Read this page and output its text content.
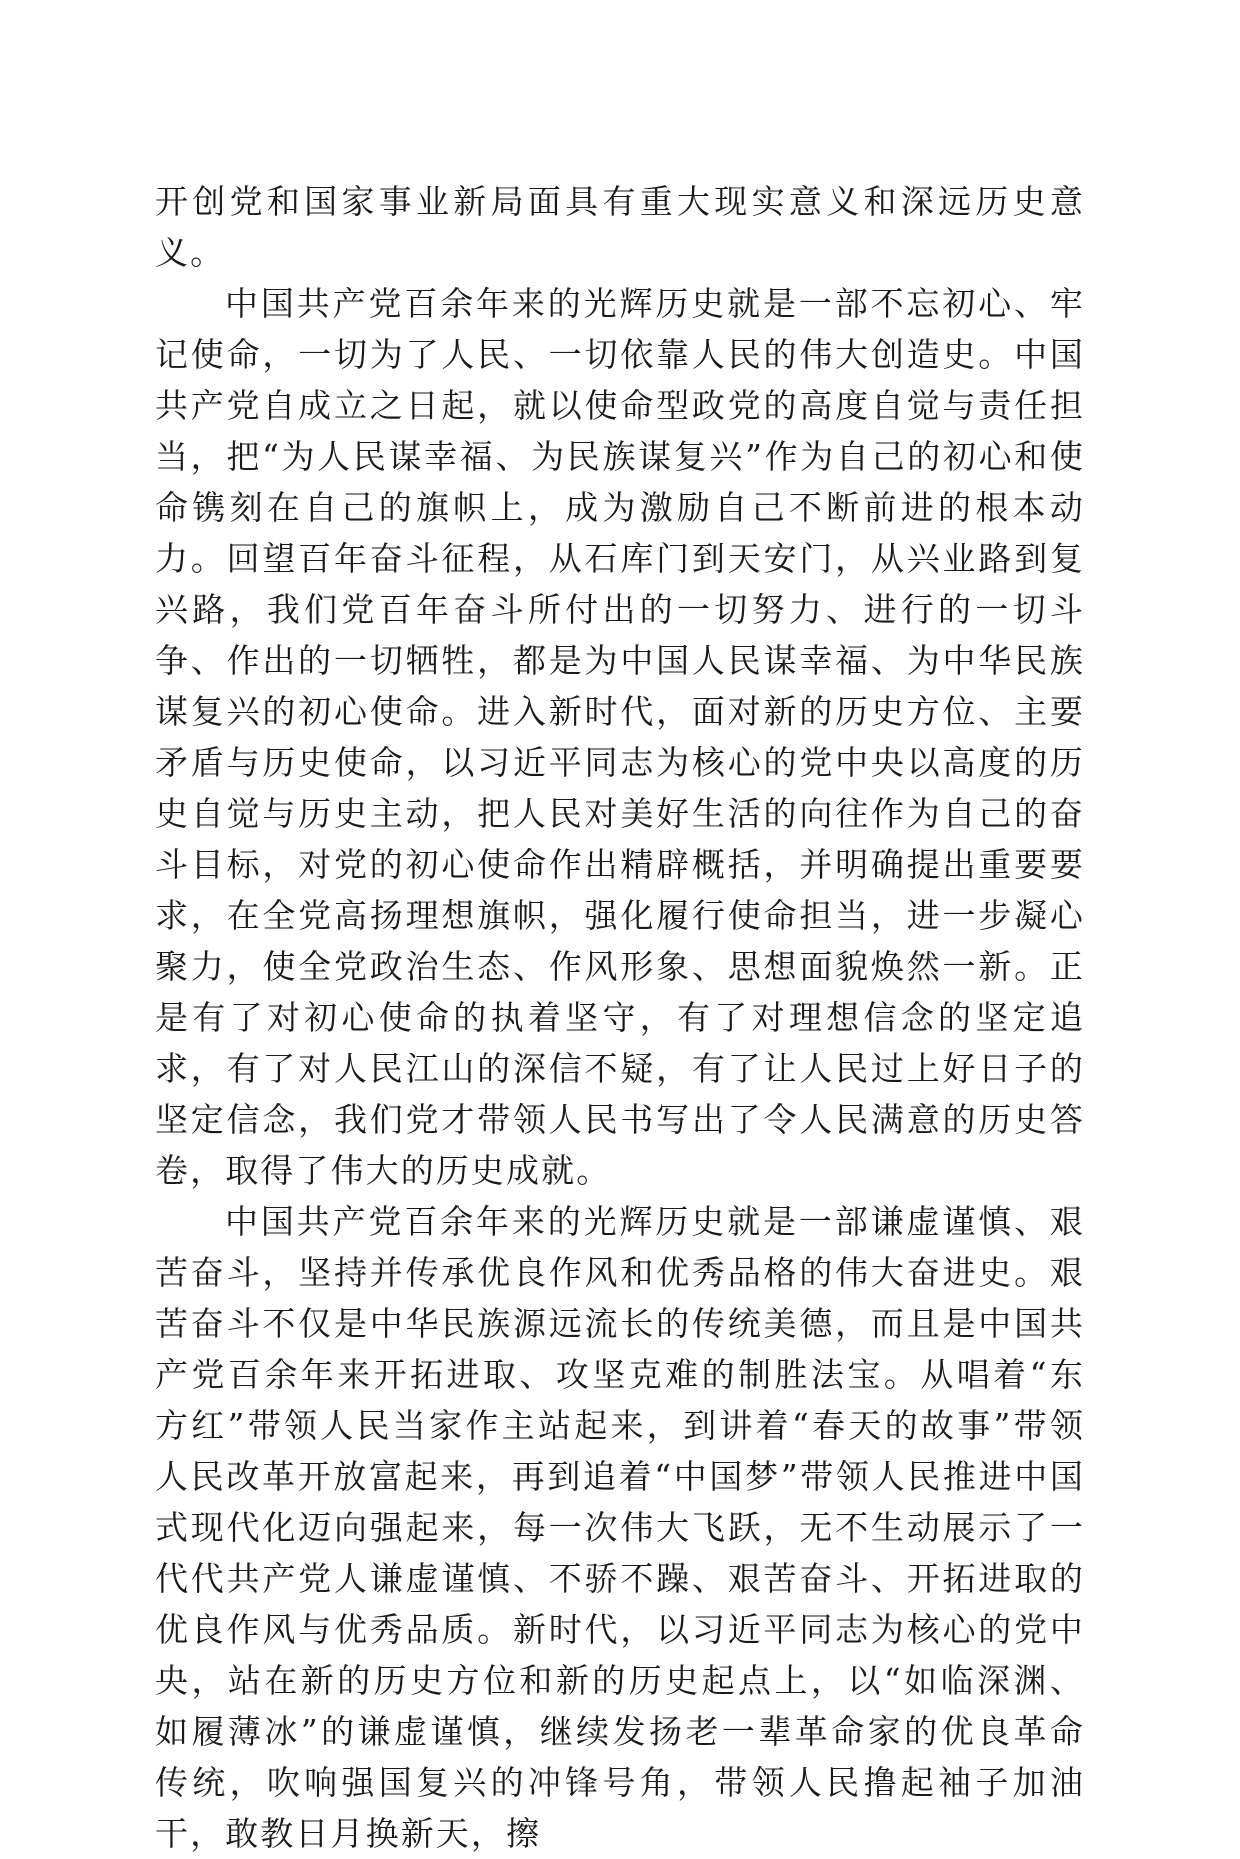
开创党和国家事业新局面具有重大现实意义和深远历史意义。

中国共产党百余年来的光辉历史就是一部不忘初心、牢记使命，一切为了人民、一切依靠人民的伟大创造史。中国共产党自成立之日起，就以使命型政党的高度自觉与责任担当，把“为人民谋幸福、为民族谋复兴”作为自己的初心和使命镌刻在自己的旗帜上，成为激励自己不断前进的根本动力。回望百年奋斗征程，从石库门到天安门，从兴业路到复兴路，我们党百年奋斗所付出的一切努力、进行的一切斗争、作出的一切牺牲，都是为中国人民谋幸福、为中华民族谋复兴的初心使命。进入新时代，面对新的历史方位、主要矛盾与历史使命，以习近平同志为核心的党中央以高度的历史自觉与历史主动，把人民对美好生活的向往作为自己的奋斗目标，对党的初心使命作出精辟概括，并明确提出重要要求，在全党高扬理想旗帜，强化履行使命担当，进一步凝心聚力，使全党政治生态、作风形象、思想面貌焕然一新。正是有了对初心使命的执着坚守，有了对理想信念的坚定追求，有了对人民江山的深信不疑，有了让人民过上好日子的坚定信念，我们党才带领人民书写出了令人民满意的历史答卷，取得了伟大的历史成就。

中国共产党百余年来的光辉历史就是一部谦虚谨慎、艰苦奋斗，坚持并传承优良作风和优秀品格的伟大奋进史。艰苦奋斗不仅是中华民族源远流长的传统美德，而且是中国共产党百余年来开拓进取、攻坚克难的制胜法宝。从唱着“东方红”带领人民当家作主站起来，到讲着“春天的故事”带领人民改革开放富起来，再到追着“中国梦”带领人民推进中国式现代化迈向强起来，每一次伟大飞跃，无不生动展示了一代代共产党人谦虚谨慎、不骄不躁、艰苦奋斗、开拓进取的优良作风与优秀品质。新时代，以习近平同志为核心的党中央，站在新的历史方位和新的历史起点上，以“如临深渊、如履薄冰”的谦虚谨慎，继续发扬老一辈革命家的优良革命传统，吹响强国复兴的冲锋号角，带领人民撸起袖子加油干，敢教日月换新天，擦
